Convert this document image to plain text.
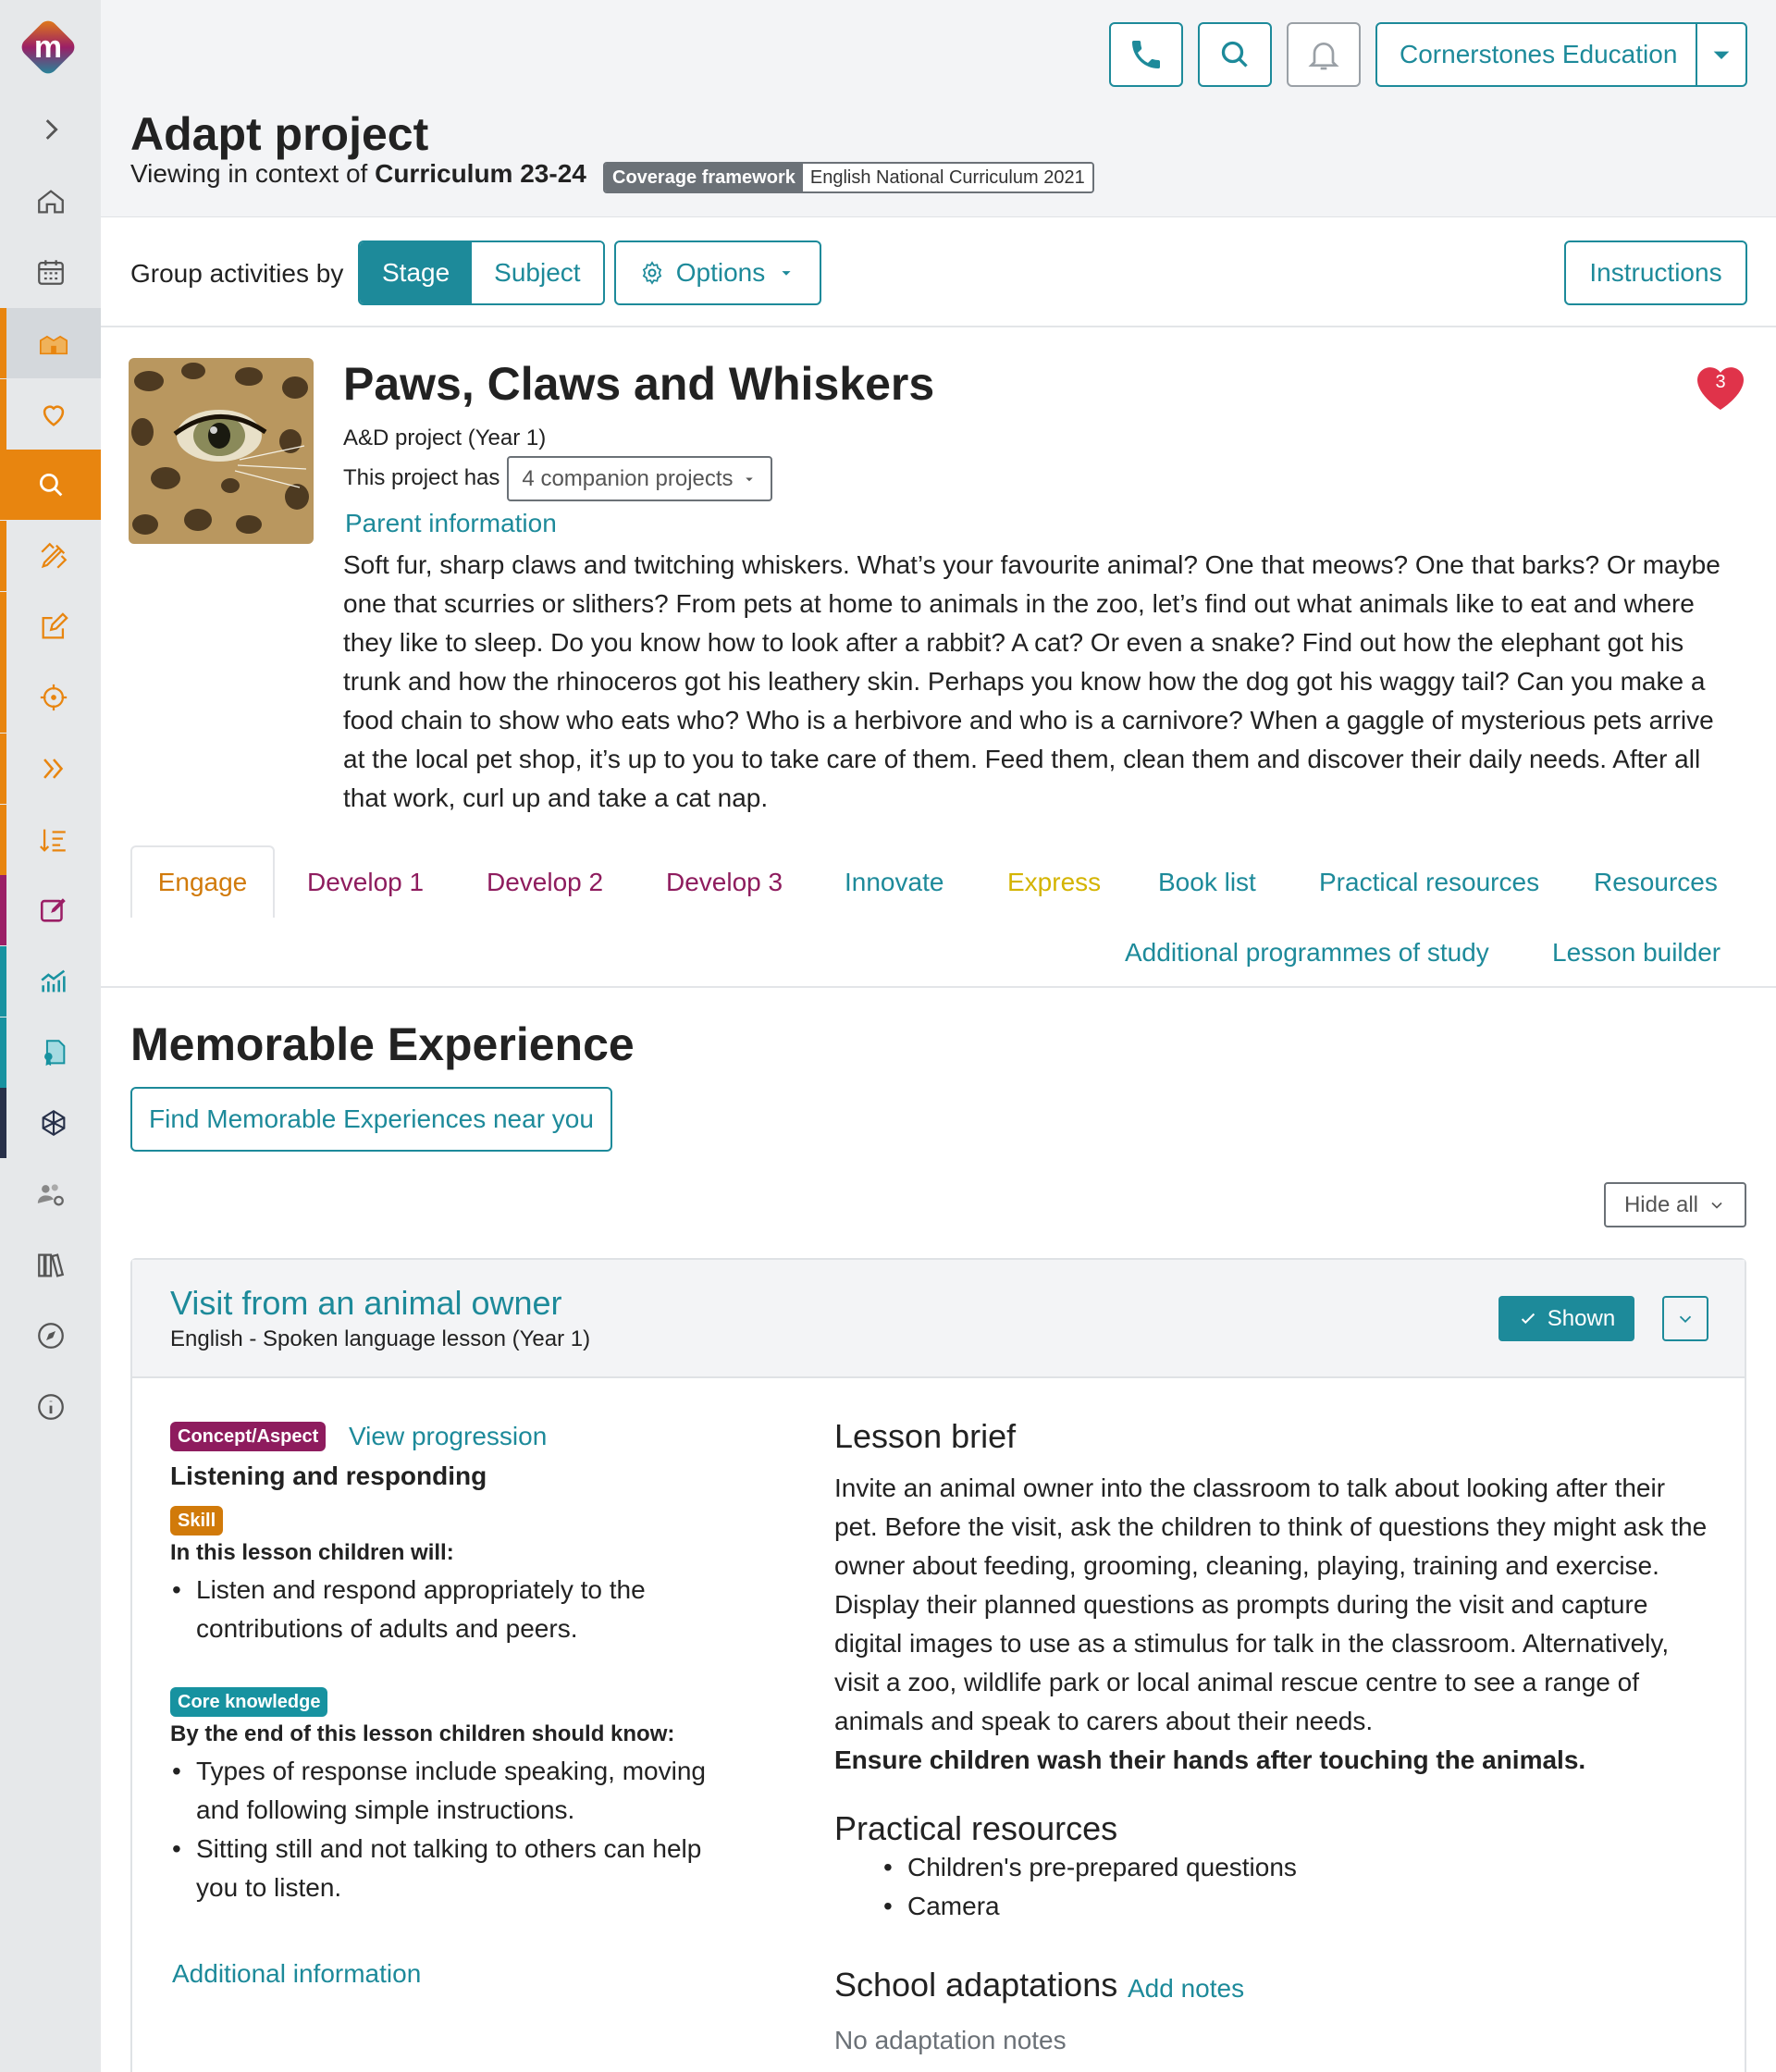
m	Cornerstones Education
Adapt project
Viewing in context of Curriculum 23-24	Coverage framework English National Curriculum 2021
Group activities by	Stage	Subject	Options	Instructions
Paws, Claws and Whiskers
A&D project (Year 1)
This project has 4 companion projects
Parent information

Soft fur, sharp claws and twitching whiskers. What’s your favourite animal? One that meows? One that barks? Or maybe one that scurries or slithers? From pets at home to animals in the zoo, let’s find out what animals like to eat and where they like to sleep. Do you know how to look after a rabbit? A cat? Or even a snake? Find out how the elephant got his trunk and how the rhinoceros got his leathery skin. Perhaps you know how the dog got his waggy tail? Can you make a food chain to show who eats who? Who is a herbivore and who is a carnivore? When a gaggle of mysterious pets arrive at the local pet shop, it’s up to you to take care of them. Feed them, clean them and discover their daily needs. After all that work, curl up and take a cat nap.

3
Engage	Develop 1 Develop 2 Develop 3 Innovate Express Book list Practical resources Resources
Additional programmes of study Lesson builder
Memorable Experience
Find Memorable Experiences near you
Hide all
Visit from an animal owner
English - Spoken language lesson (Year 1)
Shown
Concept/Aspect View progression
Listening and responding
Skill
In this lesson children will:
• Listen and respond appropriately to the contributions of adults and peers.
Core knowledge
By the end of this lesson children should know:
• Types of response include speaking, moving and following simple instructions.
• Sitting still and not talking to others can help you to listen.
Additional information
Lesson brief

Invite an animal owner into the classroom to talk about looking after their pet. Before the visit, ask the children to think of questions they might ask the owner about feeding, grooming, cleaning, playing, training and exercise. Display their planned questions as prompts during the visit and capture digital images to use as a stimulus for talk in the classroom. Alternatively, visit a zoo, wildlife park or local animal rescue centre to see a range of animals and speak to carers about their needs.

Ensure children wash their hands after touching the animals.

Practical resources
• Children's pre-prepared questions
• Camera
School adaptations Add notes
No adaptation notes
